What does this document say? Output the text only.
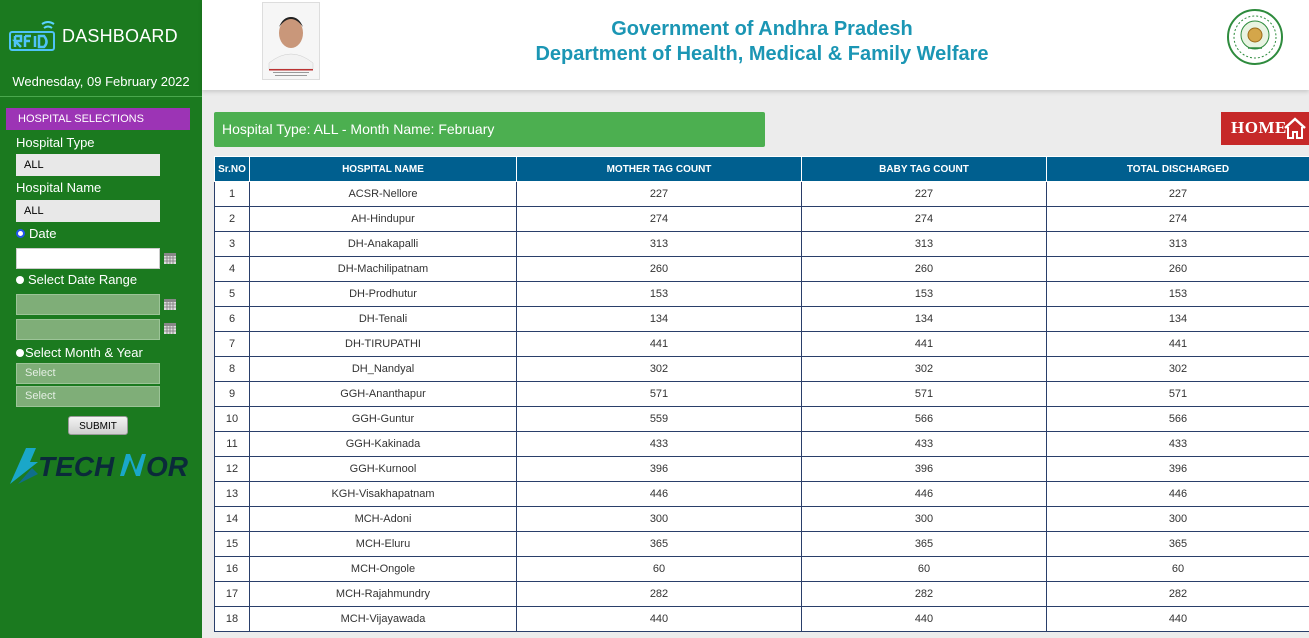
DASHBOARD
Wednesday, 09 February 2022
HOSPITAL SELECTIONS
Hospital Type
ALL
Hospital Name
ALL
Date
Select Date Range
Select Month & Year
Select
Select
SUBMIT
TECH OR
Government of Andhra Pradesh
Department of Health, Medical & Family Welfare
Hospital Type: ALL - Month Name: February	HOME
Sr.NO	HOSPITAL NAME	MOTHER TAG COUNT	BABY TAG COUNT	TOTAL DISCHARGED
1	ACSR-Nellore	227	227	227
2	AH-Hindupur	274	274	274
3	DH-Anakapalli	313	313	313
4	DH-Machilipatnam	260	260	260
5	DH-Prodhutur	153	153	153
6	DH-Tenali	134	134	134
7	DH-TIRUPATHI	441	441	441
8	DH_Nandyal	302	302	302
9	GGH-Ananthapur	571	571	571
10	GGH-Guntur	559	566	566
11	GGH-Kakinada	433	433	433
12	GGH-Kurnool	396	396	396
13	KGH-Visakhapatnam	446	446	446
14	MCH-Adoni	300	300	300
15	MCH-Eluru	365	365	365
16	MCH-Ongole	60	60	60
17	MCH-Rajahmundry	282	282	282
18	MCH-Vijayawada	440	440	440
